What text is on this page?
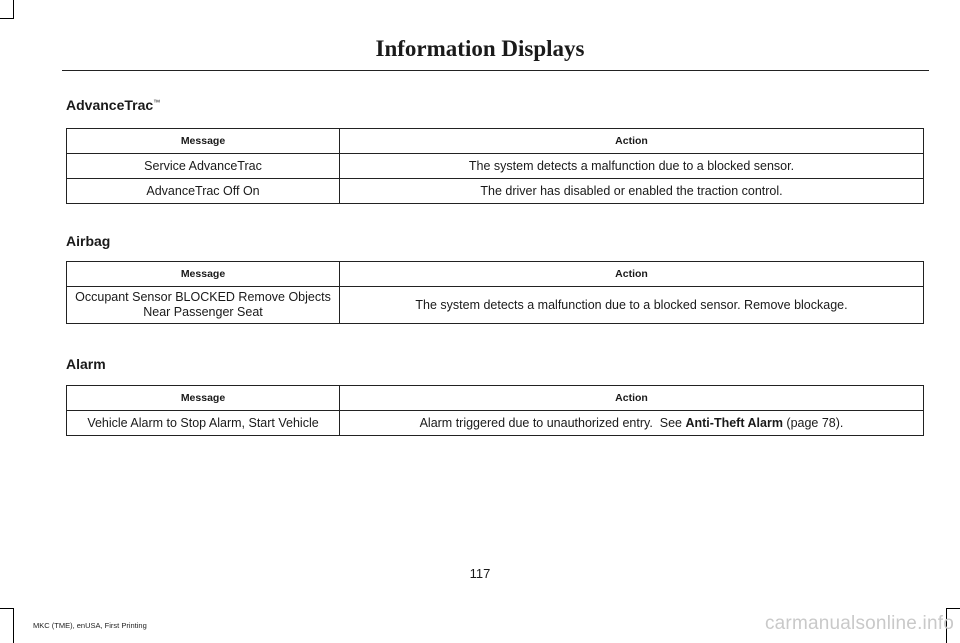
Information Displays
AdvanceTrac™
Message	Action
Service AdvanceTrac	The system detects a malfunction due to a blocked sensor.
AdvanceTrac Off On	The driver has disabled or enabled the traction control.
Airbag
Message	Action
Occupant Sensor BLOCKED Remove Objects Near Passenger Seat	The system detects a malfunction due to a blocked sensor. Remove blockage.
Alarm
Message	Action
Vehicle Alarm to Stop Alarm, Start Vehicle	Alarm triggered due to unauthorized entry.  See Anti-Theft Alarm (page 78).
117
MKC (TME), enUSA, First Printing	carmanualsonline.info
